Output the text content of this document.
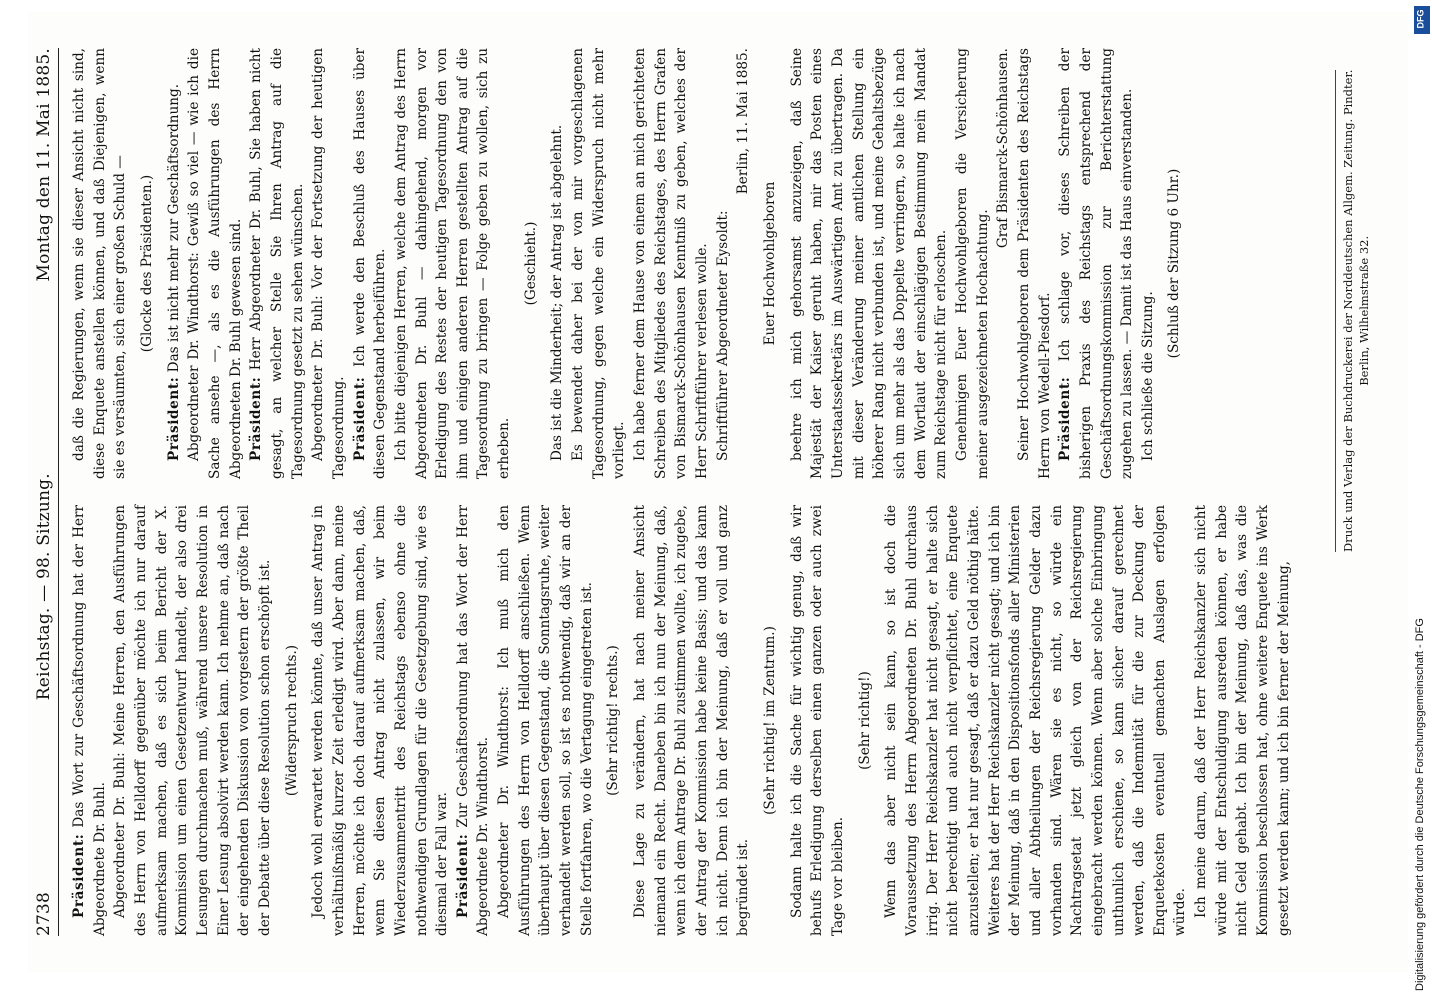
2738
Reichstag. — 98. Sitzung.
Montag den 11. Mai 1885.

Präsident: Das Wort zur Geschäftsordnung hat der Herr Abgeordnete Dr. Buhl. Abgeordneter Dr. Buhl: Meine Herren, den Ausführungen des Herrn von Helldorff gegenüber möchte ich nur darauf aufmerksam machen, daß es sich beim Bericht der X. Kommission um einen Gesetzentwurf handelt, der also drei Lesungen durchmachen muß, während unsere Resolution in Einer Lesung absolvirt werden kann. Ich nehme an, daß nach der eingehenden Diskussion von vorgestern der größte Theil der Debatte über diese Resolution schon erschöpft ist. (Widerspruch rechts.) Jedoch wohl erwartet werden könnte, daß unser Antrag in verhältnißmäßig kurzer Zeit erledigt wird. Aber dann, meine Herren, möchte ich doch darauf aufmerksam machen, daß, wenn Sie diesen Antrag nicht zulassen, wir beim Wiederzusammentritt des Reichstags ebenso ohne die nothwendigen Grundlagen für die Gesetzgebung sind, wie es diesmal der Fall war. Präsident: Zur Geschäftsordnung hat das Wort der Herr Abgeordnete Dr. Windthorst. Abgeordneter Dr. Windthorst: Ich muß mich den Ausführungen des Herrn von Helldorff anschließen. Wenn überhaupt über diesen Gegenstand, die Sonntagsruhe, weiter verhandelt werden soll, so ist es nothwendig, daß wir an der Stelle fortfahren, wo die Vertagung eingetreten ist. (Sehr richtig! rechts.) Diese Lage zu verändern, hat nach meiner Ansicht niemand ein Recht. Daneben bin ich nun der Meinung, daß, wenn ich dem Antrage Dr. Buhl zustimmen wollte, ich zugebe, der Antrag der Kommission habe keine Basis; und das kann ich nicht. Denn ich bin der Meinung, daß er voll und ganz begründet ist.

(Sehr richtig! im Zentrum.) Sodann halte ich die Sache für wichtig genug, daß wir behufs Erledigung derselben einen ganzen oder auch zwei Tage vor bleiben.

(Sehr richtig!) Wenn das aber nicht sein kann, so ist doch die Voraussetzung des Herrn Abgeordneten Dr. Buhl durchaus irrig. Der Herr Reichskanzler hat nicht gesagt, er halte sich nicht berechtigt und auch nicht verpflichtet, eine Enquete anzustellen; er hat nur gesagt, daß er dazu Geld nöthig hätte. Weiteres hat der Herr Reichskanzler nicht gesagt; und ich bin der Meinung, daß in den Dispositionsfonds aller Ministerien und aller Abtheilungen der Reichsregierung Gelder dazu vorhanden sind. Wären sie es nicht, so würde ein Nachtragsetat jetzt gleich von der Reichsregierung eingebracht werden können. Wenn aber solche Einbringung unthunlich erschiene, so kann sicher darauf gerechnet werden, daß die Indemnität für die zur Deckung der Enquetekosten eventuell gemachten Auslagen erfolgen würde. Ich meine darum, daß der Herr Reichskanzler sich nicht würde mit der Entschuldigung ausreden können, er habe nicht Geld gehabt. Ich bin der Meinung, daß das, was die Kommission beschlossen hat, ohne weitere Enquete ins Werk gesetzt werden kann; und ich bin ferner der Meinung,

daß die Regierungen, wenn sie dieser Ansicht nicht sind, diese Enquete anstellen können, und daß Diejenigen, wenn sie es versäumten, sich einer großen Schuld — (Glocke des Präsidenten.)

Präsident: Das ist nicht mehr zur Geschäftsordnung. Abgeordneter Dr. Windthorst: Gewiß so viel — wie ich die Sache ansehe —, als es die Ausführungen des Herrn Abgeordneten Dr. Buhl gewesen sind. Präsident: Herr Abgeordneter Dr. Buhl, Sie haben nicht gesagt, an welcher Stelle Sie Ihren Antrag auf die Tagesordnung gesetzt zu sehen wünschen. Abgeordneter Dr. Buhl: Vor der Fortsetzung der heutigen Tagesordnung. Präsident: Ich werde den Beschluß des Hauses über diesen Gegenstand herbeiführen. Ich bitte diejenigen Herren, welche dem Antrag des Herrn Abgeordneten Dr. Buhl — dahingehend, morgen vor Erledigung des Restes der heutigen Tagesordnung den von ihm und einigen anderen Herren gestellten Antrag auf die Tagesordnung zu bringen — Folge geben zu wollen, sich zu erheben.

(Geschieht.) Das ist die Minderheit; der Antrag ist abgelehnt. Es bewendet daher bei der von mir vorgeschlagenen Tagesordnung, gegen welche ein Widerspruch nicht mehr vorliegt. Ich habe ferner dem Hause von einem an mich gerichteten Schreiben des Mitgliedes des Reichstages, des Herrn Grafen von Bismarck-Schönhausen Kenntniß zu geben, welches der Herr Schriftführer verlesen wolle. Schriftführer Abgeordneter Eysoldt:

Berlin, 11. Mai 1885.

Euer Hochwohlgeboren beehre ich mich gehorsamst anzuzeigen, daß Seine Majestät der Kaiser geruht haben, mir das Posten eines Unterstaatssekretärs im Auswärtigen Amt zu übertragen. Da mit dieser Veränderung meiner amtlichen Stellung ein höherer Rang nicht verbunden ist, und meine Gehaltsbezüge sich um mehr als das Doppelte verringern, so halte ich nach dem Wortlaut der einschlägigen Bestimmung mein Mandat zum Reichstage nicht für erloschen. Genehmigen Euer Hochwohlgeboren die Versicherung meiner ausgezeichneten Hochachtung.

Graf Bismarck-Schönhausen. Seiner Hochwohlgeboren dem Präsidenten des Reichstags Herrn von Wedell-Piesdorf. Präsident: Ich schlage vor, dieses Schreiben der bisherigen Praxis des Reichstags entsprechend der Geschäftsordnungskommission zur Berichterstattung zugehen zu lassen. — Damit ist das Haus einverstanden. Ich schließe die Sitzung.

(Schluß der Sitzung 6 Uhr.)	Druck und Verlag der Buchdruckerei der Norddeutschen Allgem. Zeitung. Pindter. Berlin, Wilhelmstraße 32.
Digitalisierung gefördert durch die Deutsche Forschungsgemeinschaft - DFG
DFG
